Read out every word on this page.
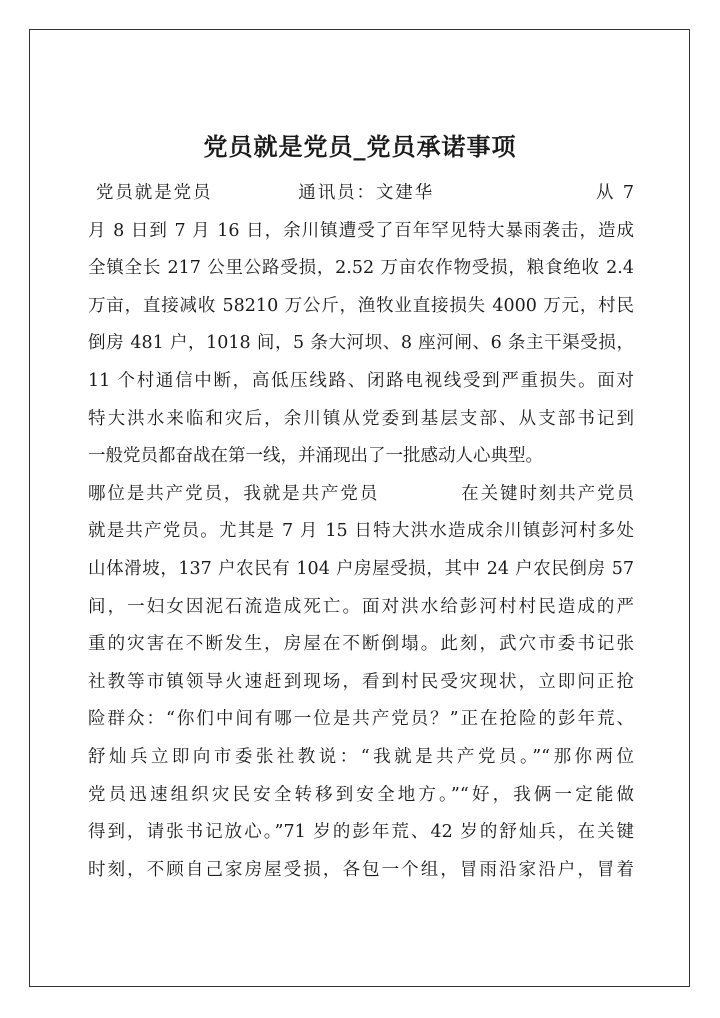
党员就是党员_党员承诺事项
党员就是党员	通讯员：文建华	从 7
月 8 日到 7 月 16 日，余川镇遭受了百年罕见特大暴雨袭击，造成
全镇全长 217 公里公路受损，2.52 万亩农作物受损，粮食绝收 2.4
万亩，直接减收 58210 万公斤，渔牧业直接损失 4000 万元，村民
倒房 481 户，1018 间，5 条大河坝、8 座河闸、6 条主干渠受损，
11 个村通信中断，高低压线路、闭路电视线受到严重损失。面对
特大洪水来临和灾后，余川镇从党委到基层支部、从支部书记到
一般党员都奋战在第一线，并涌现出了一批感动人心典型。
哪位是共产党员，我就是共产党员	在关键时刻共产党员
就是共产党员。尤其是 7 月 15 日特大洪水造成余川镇彭河村多处
山体滑坡，137 户农民有 104 户房屋受损，其中 24 户农民倒房 57
间，一妇女因泥石流造成死亡。面对洪水给彭河村村民造成的严
重的灾害在不断发生，房屋在不断倒塌。此刻，武穴市委书记张
社教等市镇领导火速赶到现场，看到村民受灾现状，立即问正抢
险群众：“你们中间有哪一位是共产党员？”正在抢险的彭年荒、
舒灿兵立即向市委张社教说：“我就是共产党员。”“那你两位
党员迅速组织灾民安全转移到安全地方。”“好，我俩一定能做
得到，请张书记放心。”71 岁的彭年荒、42 岁的舒灿兵，在关键
时刻，不顾自己家房屋受损，各包一个组，冒雨沿家沿户，冒着
